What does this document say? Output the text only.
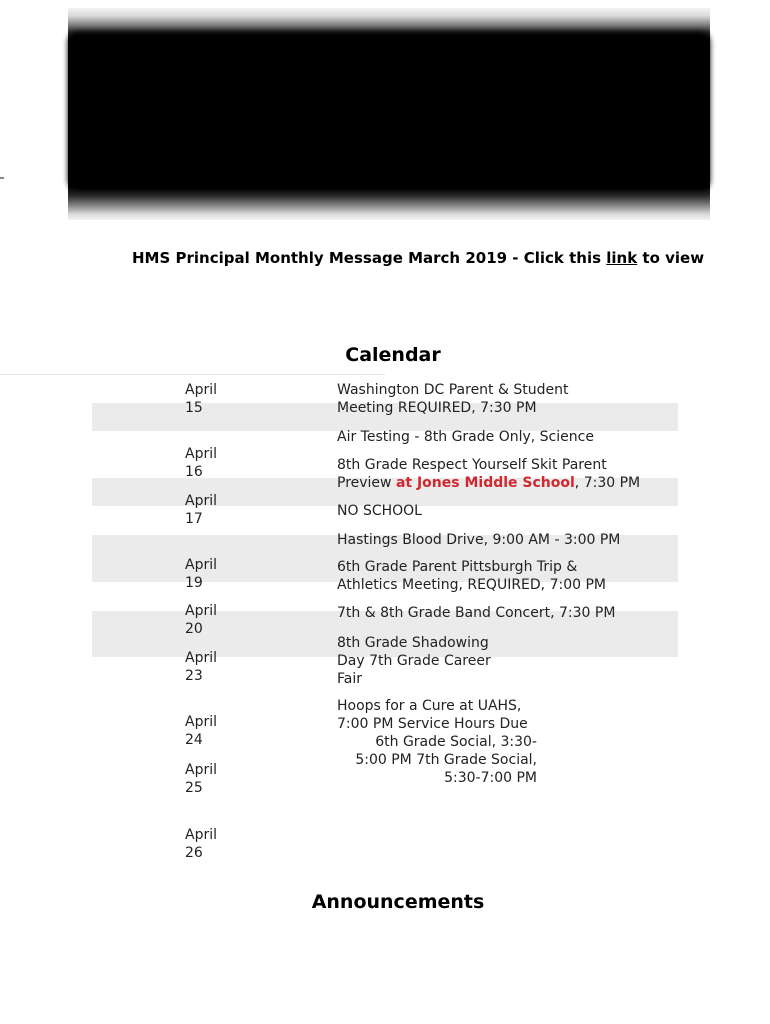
HMS Principal Monthly Message March 2019 - Click this link to view
Calendar
April
15
April
16
April
17
April
19
April
20
April
23
April
24
April
25
April
26
Washington DC Parent & Student
Meeting REQUIRED, 7:30 PM
Air Testing - 8th Grade Only, Science
8th Grade Respect Yourself Skit Parent
Preview at Jones Middle School, 7:30 PM
NO SCHOOL
Hastings Blood Drive, 9:00 AM - 3:00 PM
6th Grade Parent Pittsburgh Trip &
Athletics Meeting, REQUIRED, 7:00 PM
7th & 8th Grade Band Concert, 7:30 PM
8th Grade Shadowing
Day 7th Grade Career
Fair
Hoops for a Cure at UAHS,
7:00 PM Service Hours Due
6th Grade Social, 3:30-
5:00 PM 7th Grade Social,
5:30-7:00 PM
Announcements
